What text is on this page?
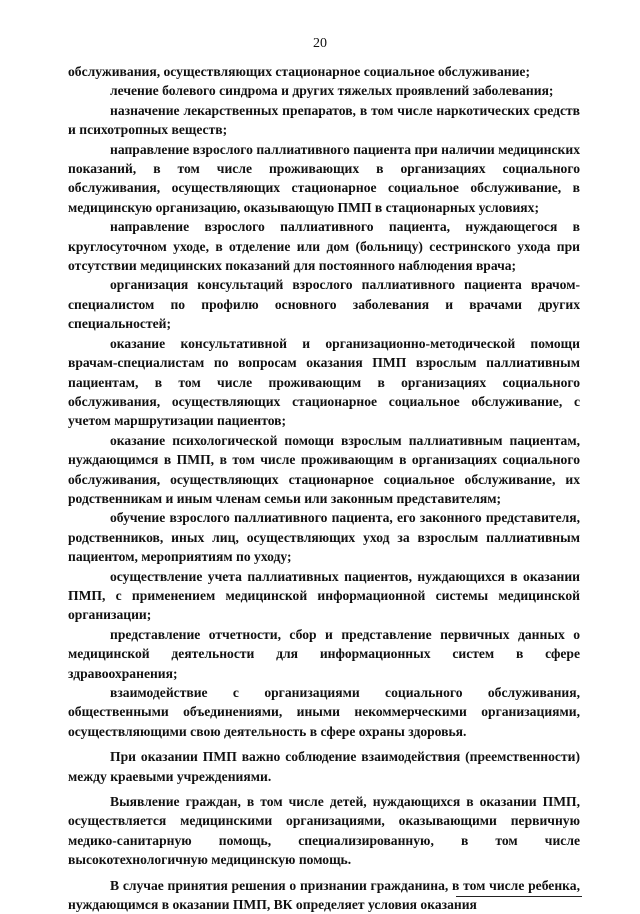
20

обслуживания, осуществляющих стационарное социальное обслуживание;

лечение болевого синдрома и других тяжелых проявлений заболевания;

назначение лекарственных препаратов, в том числе наркотических средств и психотропных веществ;

направление взрослого паллиативного пациента при наличии медицинских показаний, в том числе проживающих в организациях социального обслуживания, осуществляющих стационарное социальное обслуживание, в медицинскую организацию, оказывающую ПМП в стационарных условиях;

направление взрослого паллиативного пациента, нуждающегося в круглосуточном уходе, в отделение или дом (больницу) сестринского ухода при отсутствии медицинских показаний для постоянного наблюдения врача;

организация консультаций взрослого паллиативного пациента врачом-специалистом по профилю основного заболевания и врачами других специальностей;

оказание консультативной и организационно-методической помощи врачам-специалистам по вопросам оказания ПМП взрослым паллиативным пациентам, в том числе проживающим в организациях социального обслуживания, осуществляющих стационарное социальное обслуживание, с учетом маршрутизации пациентов;

оказание психологической помощи взрослым паллиативным пациентам, нуждающимся в ПМП, в том числе проживающим в организациях социального обслуживания, осуществляющих стационарное социальное обслуживание, их родственникам и иным членам семьи или законным представителям;

обучение взрослого паллиативного пациента, его законного представителя, родственников, иных лиц, осуществляющих уход за взрослым паллиативным пациентом, мероприятиям по уходу;

осуществление учета паллиативных пациентов, нуждающихся в оказании ПМП, с применением медицинской информационной системы медицинской организации;

представление отчетности, сбор и представление первичных данных о медицинской деятельности для информационных систем в сфере здравоохранения;

взаимодействие с организациями социального обслуживания, общественными объединениями, иными некоммерческими организациями, осуществляющими свою деятельность в сфере охраны здоровья.

При оказании ПМП важно соблюдение взаимодействия (преемственности) между краевыми учреждениями.

Выявление граждан, в том числе детей, нуждающихся в оказании ПМП, осуществляется медицинскими организациями, оказывающими первичную медико-санитарную помощь, специализированную, в том числе высокотехнологичную медицинскую помощь.

В случае принятия решения о признании гражданина, в том числе ребенка, нуждающимся в оказании ПМП, ВК определяет условия оказания
